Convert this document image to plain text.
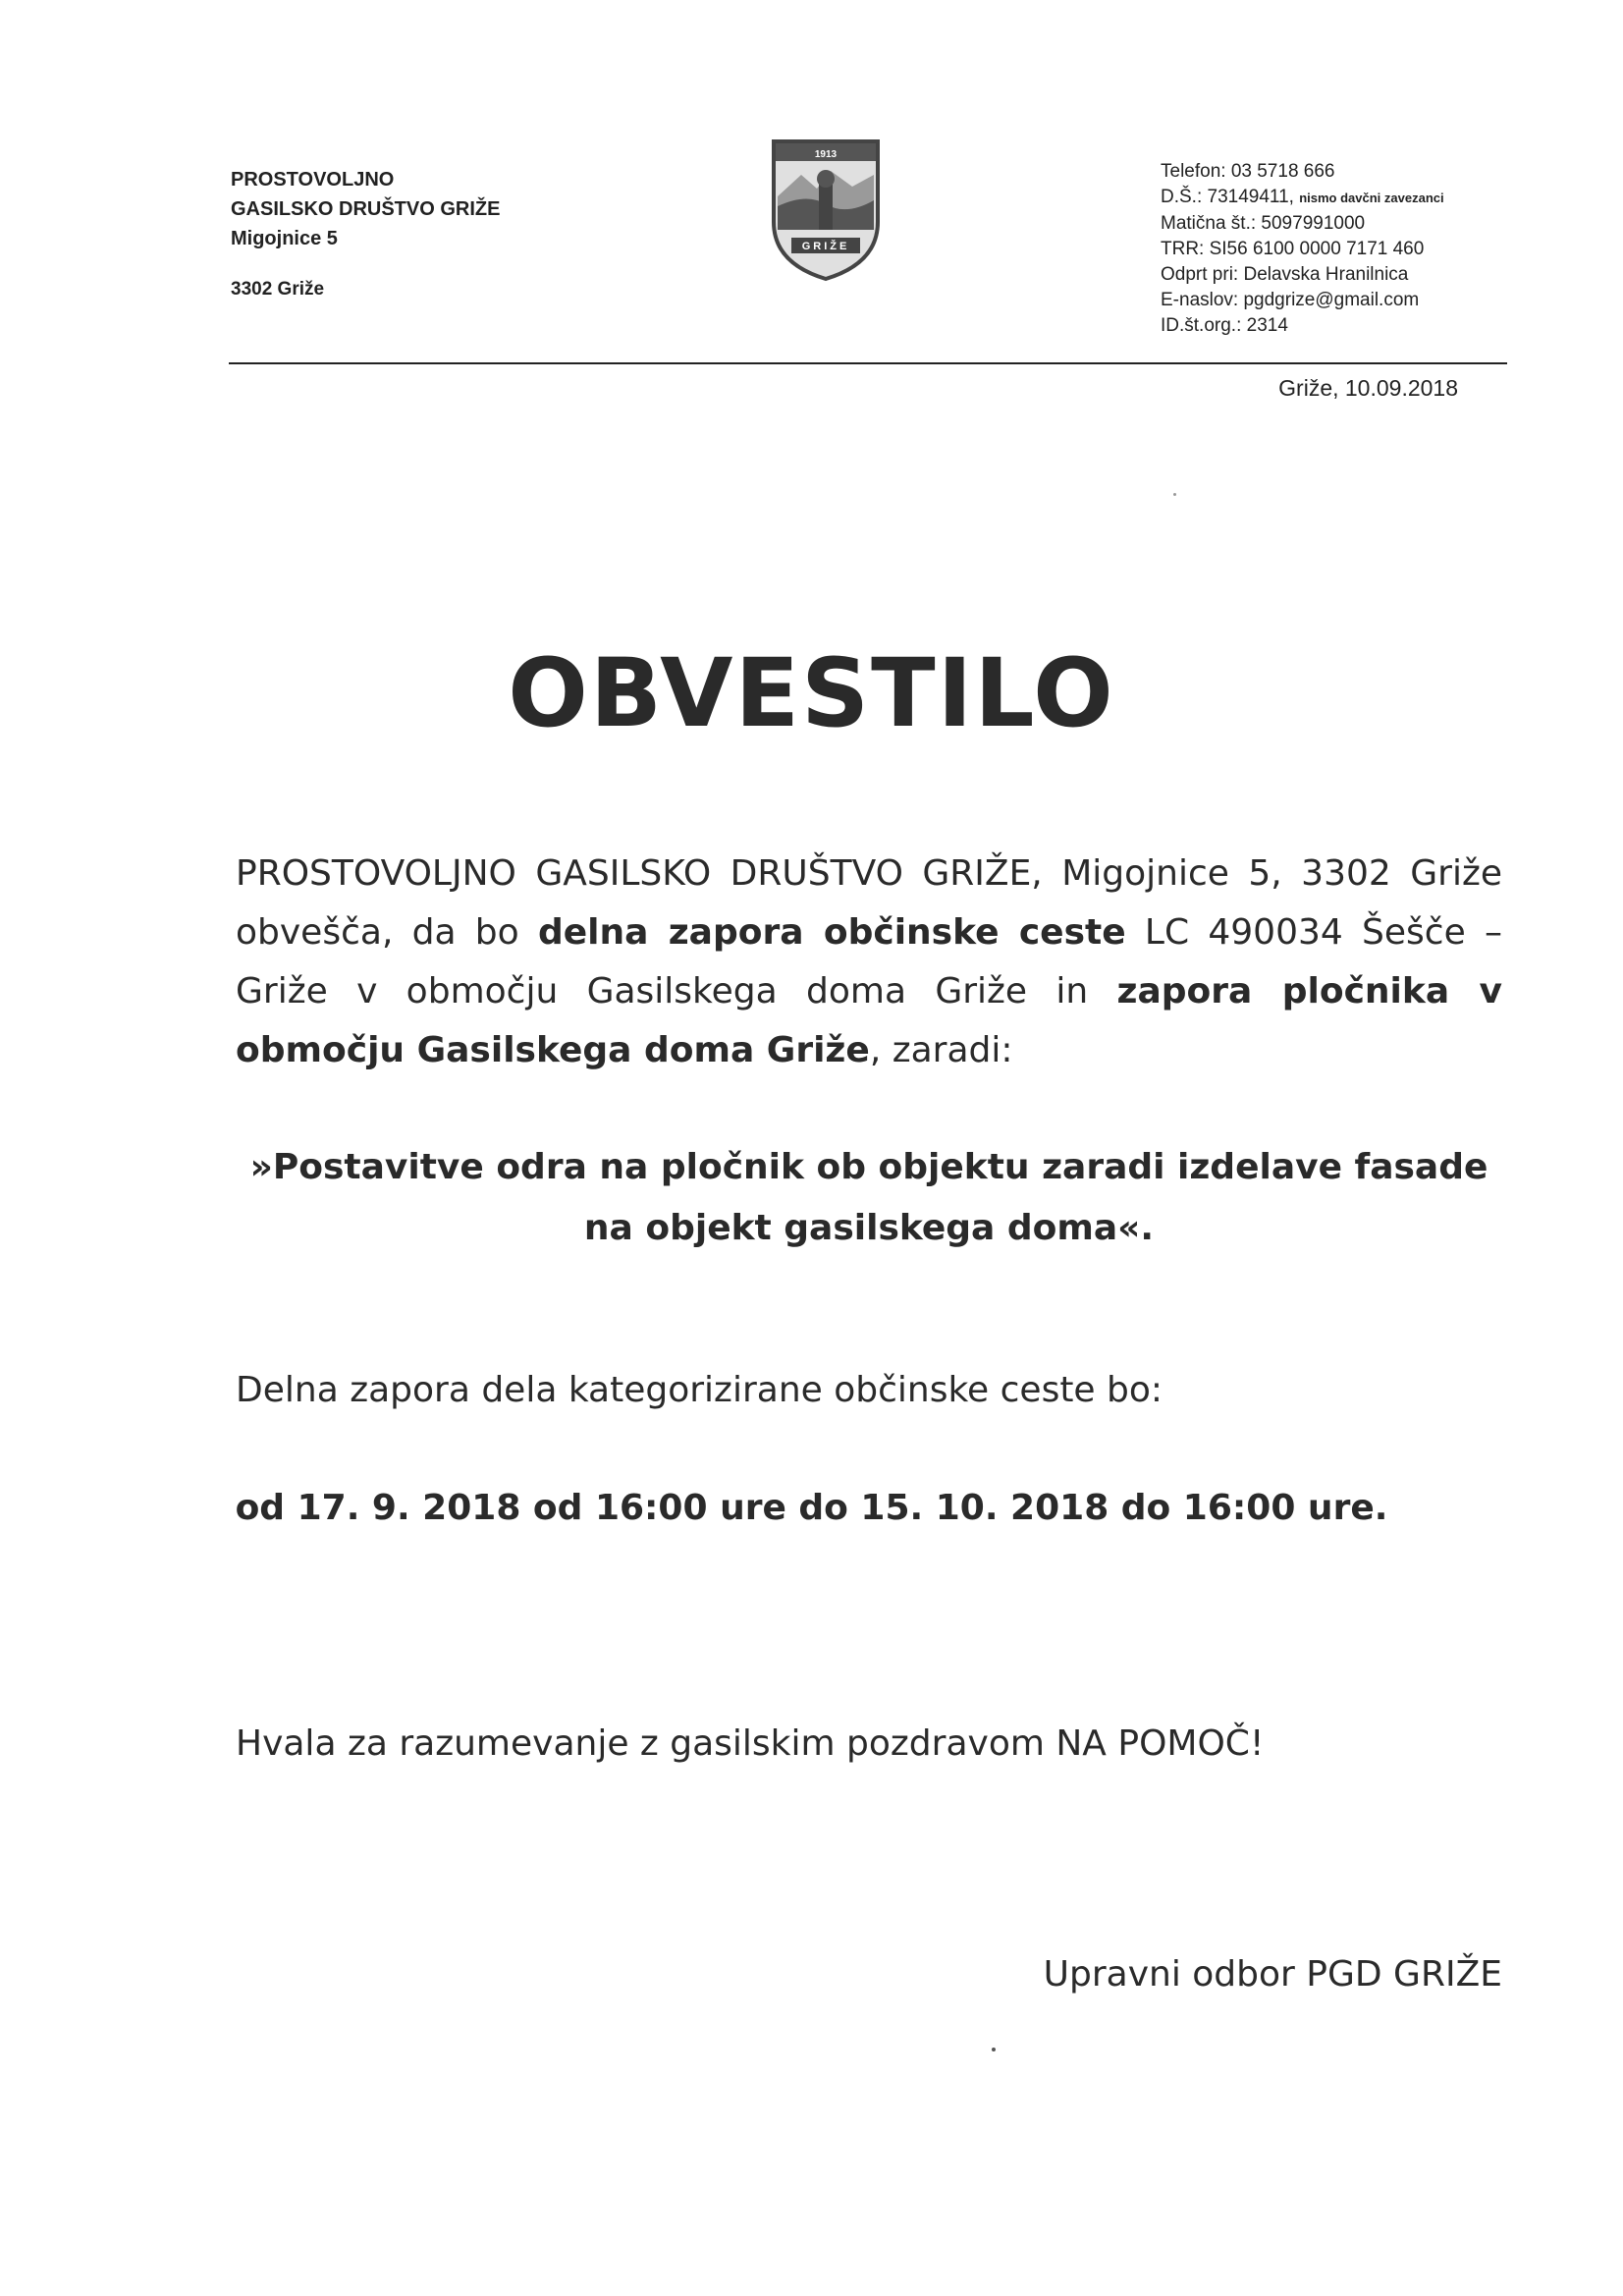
PROSTOVOLJNO
GASILSKO DRUŠTVO GRIŽE
Migojnice 5
3302 Griže
1913
GRIŽE
Telefon: 03 5718 666
D.Š.: 73149411, nismo davčni zavezanci
Matična št.: 5097991000
TRR: SI56 6100 0000 7171 460
Odprt pri: Delavska Hranilnica
E-naslov: pgdgrize@gmail.com
ID.št.org.: 2314
Griže, 10.09.2018
OBVESTILO
PROSTOVOLJNO GASILSKO DRUŠTVO GRIŽE, Migojnice 5, 3302 Griže obvešča, da bo delna zapora občinske ceste LC 490034 Šešče – Griže v območju Gasilskega doma Griže in zapora pločnika v območju Gasilskega doma Griže, zaradi:
»Postavitve odra na pločnik ob objektu zaradi izdelave fasade
na objekt gasilskega doma«.
Delna zapora dela kategorizirane občinske ceste bo:
od 17. 9. 2018 od 16:00 ure do 15. 10. 2018 do 16:00 ure.
Hvala za razumevanje z gasilskim pozdravom NA POMOČ!
Upravni odbor PGD GRIŽE
